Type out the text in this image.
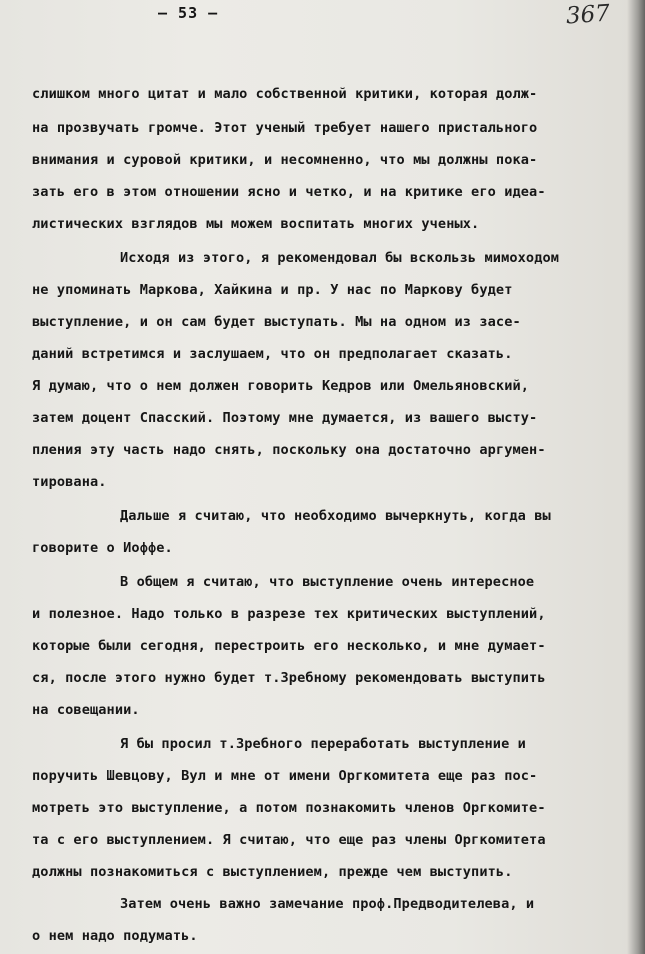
– 53 –	367

слишком много цитат и мало собственной критики, которая долж-

на прозвучать громче. Этот ученый требует нашего пристального

внимания и суровой критики, и несомненно, что мы должны пока-

зать его в этом отношении ясно и четко, и на критике его идеа-

листических взглядов мы можем воспитать многих ученых.

Исходя из этого, я рекомендовал бы вскользь мимоходом

не упоминать Маркова, Хайкина и пр. У нас по Маркову будет

выступление, и он сам будет выступать. Мы на одном из засе-

даний встретимся и заслушаем, что он предполагает сказать.

Я думаю, что о нем должен говорить Кедров или Омельяновский,

затем доцент Спасский. Поэтому мне думается, из вашего высту-

пления эту часть надо снять, поскольку она достаточно аргумен-

тирована.

Дальше я считаю, что необходимо вычеркнуть, когда вы

говорите о Иоффе.

В общем я считаю, что выступление очень интересное

и полезное. Надо только в разрезе тех критических выступлений,

которые были сегодня, перестроить его несколько, и мне думает-

ся, после этого нужно будет т.Зребному рекомендовать выступить

на совещании.

Я бы просил т.Зребного переработать выступление и

поручить Шевцову, Вул и мне от имени Оргкомитета еще раз пос-

мотреть это выступление, а потом познакомить членов Оргкомите-

та с его выступлением. Я считаю, что еще раз члены Оргкомитета

должны познакомиться с выступлением, прежде чем выступить.

Затем очень важно замечание проф.Предводителева, и

о нем надо подумать.
